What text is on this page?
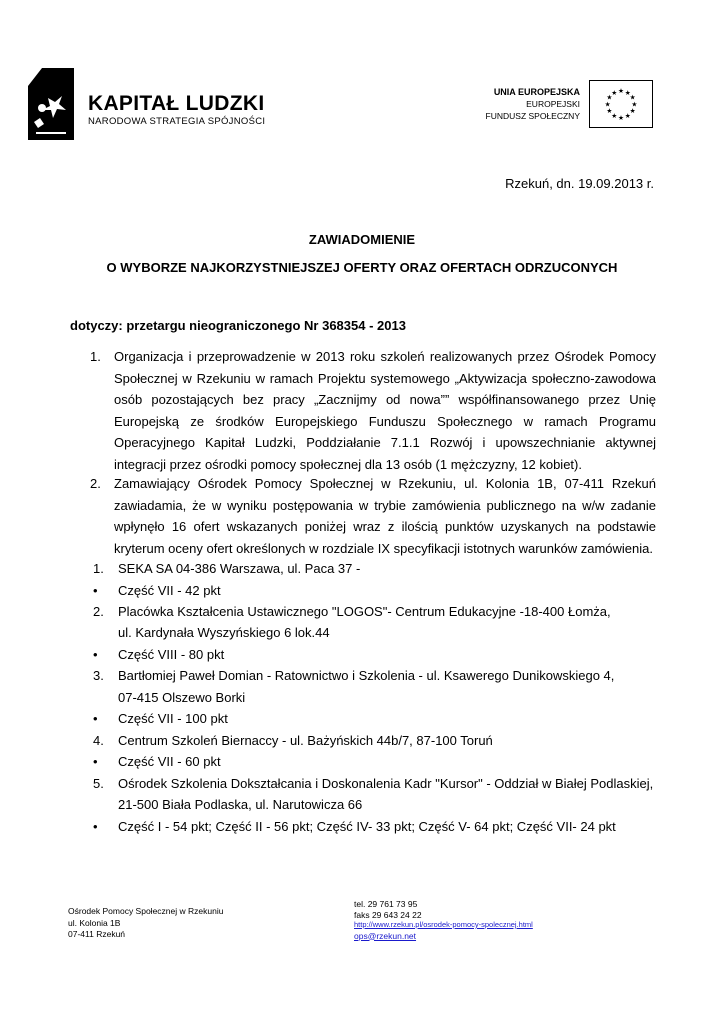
KAPITAŁ LUDZKI
NARODOWA STRATEGIA SPÓJNOŚCI
UNIA EUROPEJSKA
EUROPEJSKI
FUNDUSZ SPOŁECZNY
★ ★
★
★
★
★
★
★
★
★
★
★
Rzekuń, dn. 19.09.2013 r.
ZAWIADOMIENIE
O WYBORZE NAJKORZYSTNIEJSZEJ OFERTY ORAZ OFERTACH ODRZUCONYCH
dotyczy: przetargu nieograniczonego Nr 368354 - 2013
1. Organizacja i przeprowadzenie w 2013 roku szkoleń realizowanych przez Ośrodek Pomocy Społecznej w Rzekuniu w ramach Projektu systemowego „Aktywizacja społeczno-zawodowa osób pozostających bez pracy „Zacznijmy od nowa”” współfinansowanego przez Unię Europejską ze środków Europejskiego Funduszu Społecznego w ramach Programu Operacyjnego Kapitał Ludzki, Poddziałanie 7.1.1 Rozwój i upowszechnianie aktywnej integracji przez ośrodki pomocy społecznej dla 13 osób (1 mężczyzny, 12 kobiet).

2. Zamawiający Ośrodek Pomocy Społecznej w Rzekuniu, ul. Kolonia 1B, 07-411 Rzekuń zawiadamia, że w wyniku postępowania w trybie zamówienia publicznego na w/w zadanie wpłynęło 16 ofert wskazanych poniżej wraz z ilością punktów uzyskanych na podstawie kryterum oceny ofert określonych w rozdziale IX specyfikacji istotnych warunków zamówienia.

1. SEKA SA 04-386 Warszawa, ul. Paca 37 -
• Część VII - 42 pkt
2. Placówka Kształcenia Ustawicznego "LOGOS"- Centrum Edukacyjne -18-400 Łomża,
ul. Kardynała Wyszyńskiego 6 lok.44
• Część VIII - 80 pkt
3. Bartłomiej Paweł Domian - Ratownictwo i Szkolenia - ul. Ksawerego Dunikowskiego 4,
07-415 Olszewo Borki
• Część VII - 100 pkt
4. Centrum Szkoleń Biernaccy - ul. Bażyńskich 44b/7, 87-100 Toruń
• Część VII - 60 pkt
5. Ośrodek Szkolenia Dokształcania i Doskonalenia Kadr "Kursor" - Oddział w Białej Podlaskiej,
21-500 Biała Podlaska, ul. Narutowicza 66
• Część I - 54 pkt; Część II - 56 pkt; Część IV- 33 pkt; Część V- 64 pkt; Część VII- 24 pkt
Ośrodek Pomocy Społecznej w Rzekuniu
ul. Kolonia 1B
07-411 Rzekuń
tel. 29 761 73 95
faks 29 643 24 22
http://www.rzekun.pl/osrodek-pomocy-spolecznej.html
ops@rzekun.net
